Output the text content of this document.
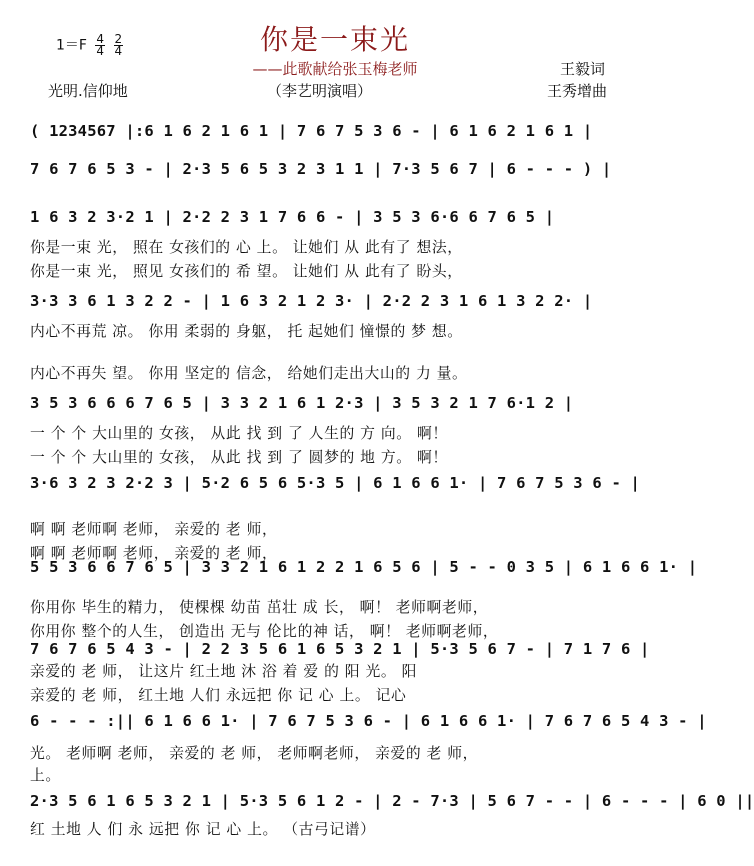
你是一束光
——此歌献给张玉梅老师
$1=F \frac{4}{4}$
$\frac{2}{4}$
王毅词
王秀增曲
光明.信仰地	（李艺明演唱）
( 1234567 |:6 1 6 2 1 6 1 | 7 6 7 5 3 6 - | 6 1 6 2 1 6 1 |
7 6 7 6 5 3 - | 2·3 5 6 5 3 2 3 1 1 | 7·3 5 6 7 | 6 - - - ) |
1 6 3 2 3·2 1 | 2·2 2 3 1 7 6 6 - | 3 5 3 6·6 6 7 6 5 |
你是一束 光， 照在 女孩们的 心 上。 让她们 从 此有了 想法，
你是一束 光， 照见 女孩们的 希 望。 让她们 从 此有了 盼头，
3·3 3 6 1 3 2 2 - | 1 6 3 2 1 2 3· | 2·2 2 3 1 6 1 3 2 2· |
内心不再荒 凉。 你用 柔弱的 身躯， 托 起她们 憧憬的 梦 想。
内心不再失 望。 你用 坚定的 信念， 给她们走出大山的 力 量。
3 5 3 6 6 6 7 6 5 | 3 3 2 1 6 1 2·3 | 3 5 3 2 1 7 6·1 2 |
一 个 个 大山里的 女孩， 从此 找 到 了 人生的 方 向。 啊！
一 个 个 大山里的 女孩， 从此 找 到 了 圆梦的 地 方。 啊！
3·6 3 2 3 2·2 3 | 5·2 6 5 6 5·3 5 | 6 1 6 6 1· | 7 6 7 5 3 6 - |
啊 啊 老师啊 老师， 亲爱的 老 师，
啊 啊 老师啊 老师， 亲爱的 老 师，
5 5 3 6 6 7 6 5 | 3 3 2 1 6 1 2 2 1 6 5 6 | 5 - - 0 3 5 | 6 1 6 6 1· |
你用你 毕生的精力， 使棵棵 幼苗 茁壮 成 长， 啊！ 老师啊老师，
你用你 整个的人生， 创造出 无与 伦比的神 话， 啊！ 老师啊老师，
7 6 7 6 5 4 3 - | 2 2 3 5 6 1 6 5 3 2 1 | 5·3 5 6 7 - | 7 1 7 6 |
亲爱的 老 师， 让这片 红土地 沐 浴 着 爱 的 阳 光。 阳
亲爱的 老 师， 红土地 人们 永远把 你 记 心 上。 记心
6 - - - :|| 6 1 6 6 1· | 7 6 7 5 3 6 - | 6 1 6 6 1· | 7 6 7 6 5 4 3 - |
光。 老师啊 老师， 亲爱的 老 师， 老师啊老师， 亲爱的 老 师，
上。
2·3 5 6 1 6 5 3 2 1 | 5·3 5 6 1 2 - | 2 - 7·3 | 5 6 7 - - | 6 - - - | 6 0 ||
红 土地 人 们 永 远把 你 记 心 上。 （古弓记谱）
